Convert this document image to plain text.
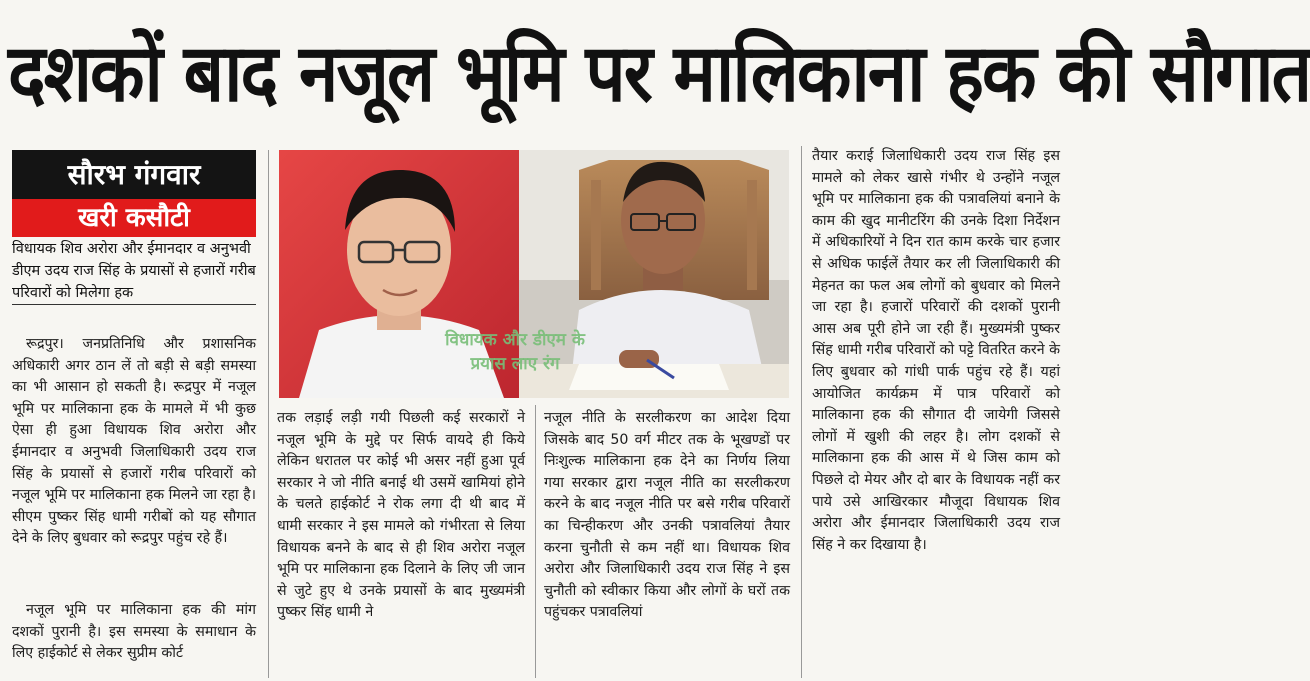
दशकों बाद नजूल भूमि पर मालिकाना हक की सौगात
सौरभ गंगवार
खरी कसौटी
विधायक शिव अरोरा और ईमानदार व अनुभवी डीएम उदय राज सिंह के प्रयासों से हजारों गरीब परिवारों को मिलेगा हक
विधायक और डीएम के
प्रयास लाए रंग

रूद्रपुर। जनप्रतिनिधि और प्रशासनिक अधिकारी अगर ठान लें तो बड़ी से बड़ी समस्या का भी आसान हो सकती है। रूद्रपुर में नजूल भूमि पर मालिकाना हक के मामले में भी कुछ ऐसा ही हुआ विधायक शिव अरोरा और ईमानदार व अनुभवी जिलाधिकारी उदय राज सिंह के प्रयासों से हजारों गरीब परिवारों को नजूल भूमि पर मालिकाना हक मिलने जा रहा है। सीएम पुष्कर सिंह धामी गरीबों को यह सौगात देने के लिए बुधवार को रूद्रपुर पहुंच रहे हैं।

नजूल भूमि पर मालिकाना हक की मांग दशकों पुरानी है। इस समस्या के समाधान के लिए हाईकोर्ट से लेकर सुप्रीम कोर्ट

तक लड़ाई लड़ी गयी पिछली कई सरकारों ने नजूल भूमि के मुद्दे पर सिर्फ वायदे ही किये लेकिन धरातल पर कोई भी असर नहीं हुआ पूर्व सरकार ने जो नीति बनाई थी उसमें खामियां होने के चलते हाईकोर्ट ने रोक लगा दी थी बाद में धामी सरकार ने इस मामले को गंभीरता से लिया विधायक बनने के बाद से ही शिव अरोरा नजूल भूमि पर मालिकाना हक दिलाने के लिए जी जान से जुटे हुए थे उनके प्रयासों के बाद मुख्यमंत्री पुष्कर सिंह धामी ने

नजूल नीति के सरलीकरण का आदेश दिया जिसके बाद 50 वर्ग मीटर तक के भूखण्डों पर निःशुल्क मालिकाना हक देने का निर्णय लिया गया सरकार द्वारा नजूल नीति का सरलीकरण करने के बाद नजूल नीति पर बसे गरीब परिवारों का चिन्हीकरण और उनकी पत्रावलियां तैयार करना चुनौती से कम नहीं था। विधायक शिव अरोरा और जिलाधिकारी उदय राज सिंह ने इस चुनौती को स्वीकार किया और लोगों के घरों तक पहुंचकर पत्रावलियां

तैयार कराई जिलाधिकारी उदय राज सिंह इस मामले को लेकर खासे गंभीर थे उन्होंने नजूल भूमि पर मालिकाना हक की पत्रावलियां बनाने के काम की खुद मानीटरिंग की उनके दिशा निर्देशन में अधिकारियों ने दिन रात काम करके चार हजार से अधिक फाईलें तैयार कर ली जिलाधिकारी की मेहनत का फल अब लोगों को बुधवार को मिलने जा रहा है। हजारों परिवारों की दशकों पुरानी आस अब पूरी होने जा रही हैं। मुख्यमंत्री पुष्कर सिंह धामी गरीब परिवारों को पट्टे वितरित करने के लिए बुधवार को गांधी पार्क पहुंच रहे हैं। यहां आयोजित कार्यक्रम में पात्र परिवारों को मालिकाना हक की सौगात दी जायेगी जिससे लोगों में खुशी की लहर है। लोग दशकों से मालिकाना हक की आस में थे जिस काम को पिछले दो मेयर और दो बार के विधायक नहीं कर पाये उसे आखिरकार मौजूदा विधायक शिव अरोरा और ईमानदार जिलाधिकारी उदय राज सिंह ने कर दिखाया है।
